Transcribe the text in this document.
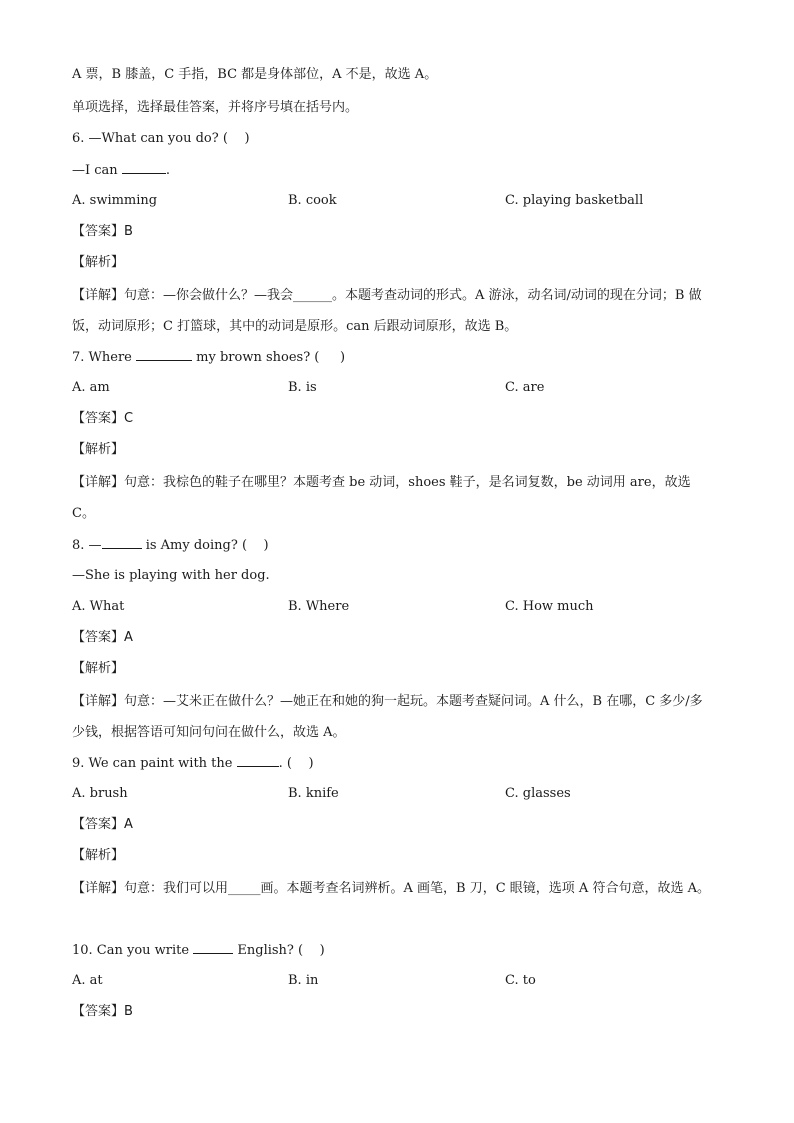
A 票，B 膝盖，C 手指，BC 都是身体部位，A 不是，故选 A。
单项选择，选择最佳答案，并将序号填在括号内。
6. —What can you do? (    )
—I can	.
A. swimming	B. cook	C. playing basketball
【答案】B
【解析】
【详解】句意：—你会做什么？—我会______。本题考查动词的形式。A 游泳，动名词/动词的现在分词；B 做饭，动词原形；C 打篮球，其中的动词是原形。can 后跟动词原形，故选 B。
7. Where	my brown shoes? (     )
A. am	B. is	C. are
【答案】C
【解析】
【详解】句意：我棕色的鞋子在哪里？本题考查 be 动词，shoes 鞋子，是名词复数，be 动词用 are，故选 C。
8. —	is Amy doing? (    )
—She is playing with her dog.
A. What	B. Where	C. How much
【答案】A
【解析】
【详解】句意：—艾米正在做什么？—她正在和她的狗一起玩。本题考查疑问词。A 什么，B 在哪，C 多少/多少钱，根据答语可知问句问在做什么，故选 A。
9. We can paint with the	. (    )
A. brush	B. knife	C. glasses
【答案】A
【解析】
【详解】句意：我们可以用_____画。本题考查名词辨析。A 画笔，B 刀，C 眼镜，选项 A 符合句意，故选 A。
10. Can you write	English? (    )
A. at	B. in	C. to
【答案】B
